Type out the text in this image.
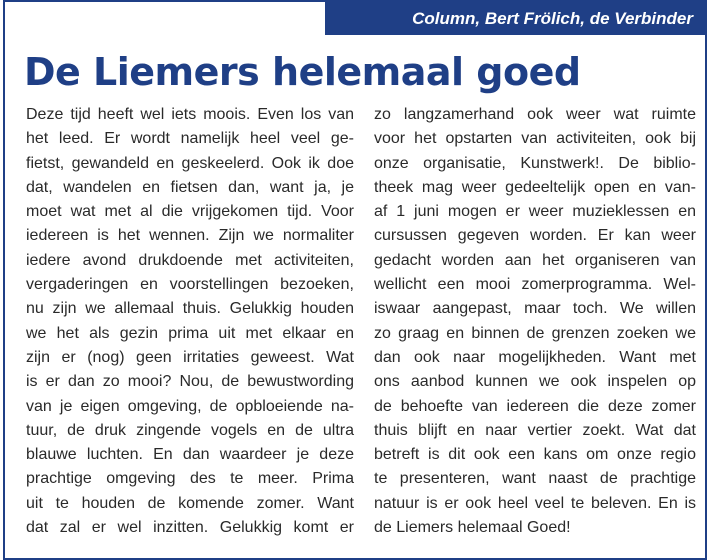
Column, Bert Frölich, de Verbinder
De Liemers helemaal goed
Deze tijd heeft wel iets moois. Even los van
het leed. Er wordt namelijk heel veel ge-
fietst, gewandeld en geskeelerd. Ook ik doe
dat, wandelen en fietsen dan, want ja, je
moet wat met al die vrijgekomen tijd. Voor
iedereen is het wennen. Zijn we normaliter
iedere avond drukdoende met activiteiten,
vergaderingen en voorstellingen bezoeken,
nu zijn we allemaal thuis. Gelukkig houden
we het als gezin prima uit met elkaar en
zijn er (nog) geen irritaties geweest. Wat
is er dan zo mooi? Nou, de bewustwording
van je eigen omgeving, de opbloeiende na-
tuur, de druk zingende vogels en de ultra
blauwe luchten. En dan waardeer je deze
prachtige omgeving des te meer. Prima
uit te houden de komende zomer. Want
dat zal er wel inzitten. Gelukkig komt er
zo langzamerhand ook weer wat ruimte
voor het opstarten van activiteiten, ook bij
onze organisatie, Kunstwerk!. De biblio-
theek mag weer gedeeltelijk open en van-
af 1 juni mogen er weer muzieklessen en
cursussen gegeven worden. Er kan weer
gedacht worden aan het organiseren van
wellicht een mooi zomerprogramma. Wel-
iswaar aangepast, maar toch. We willen
zo graag en binnen de grenzen zoeken we
dan ook naar mogelijkheden. Want met
ons aanbod kunnen we ook inspelen op
de behoefte van iedereen die deze zomer
thuis blijft en naar vertier zoekt. Wat dat
betreft is dit ook een kans om onze regio
te presenteren, want naast de prachtige
natuur is er ook heel veel te beleven. En is
de Liemers helemaal Goed!
